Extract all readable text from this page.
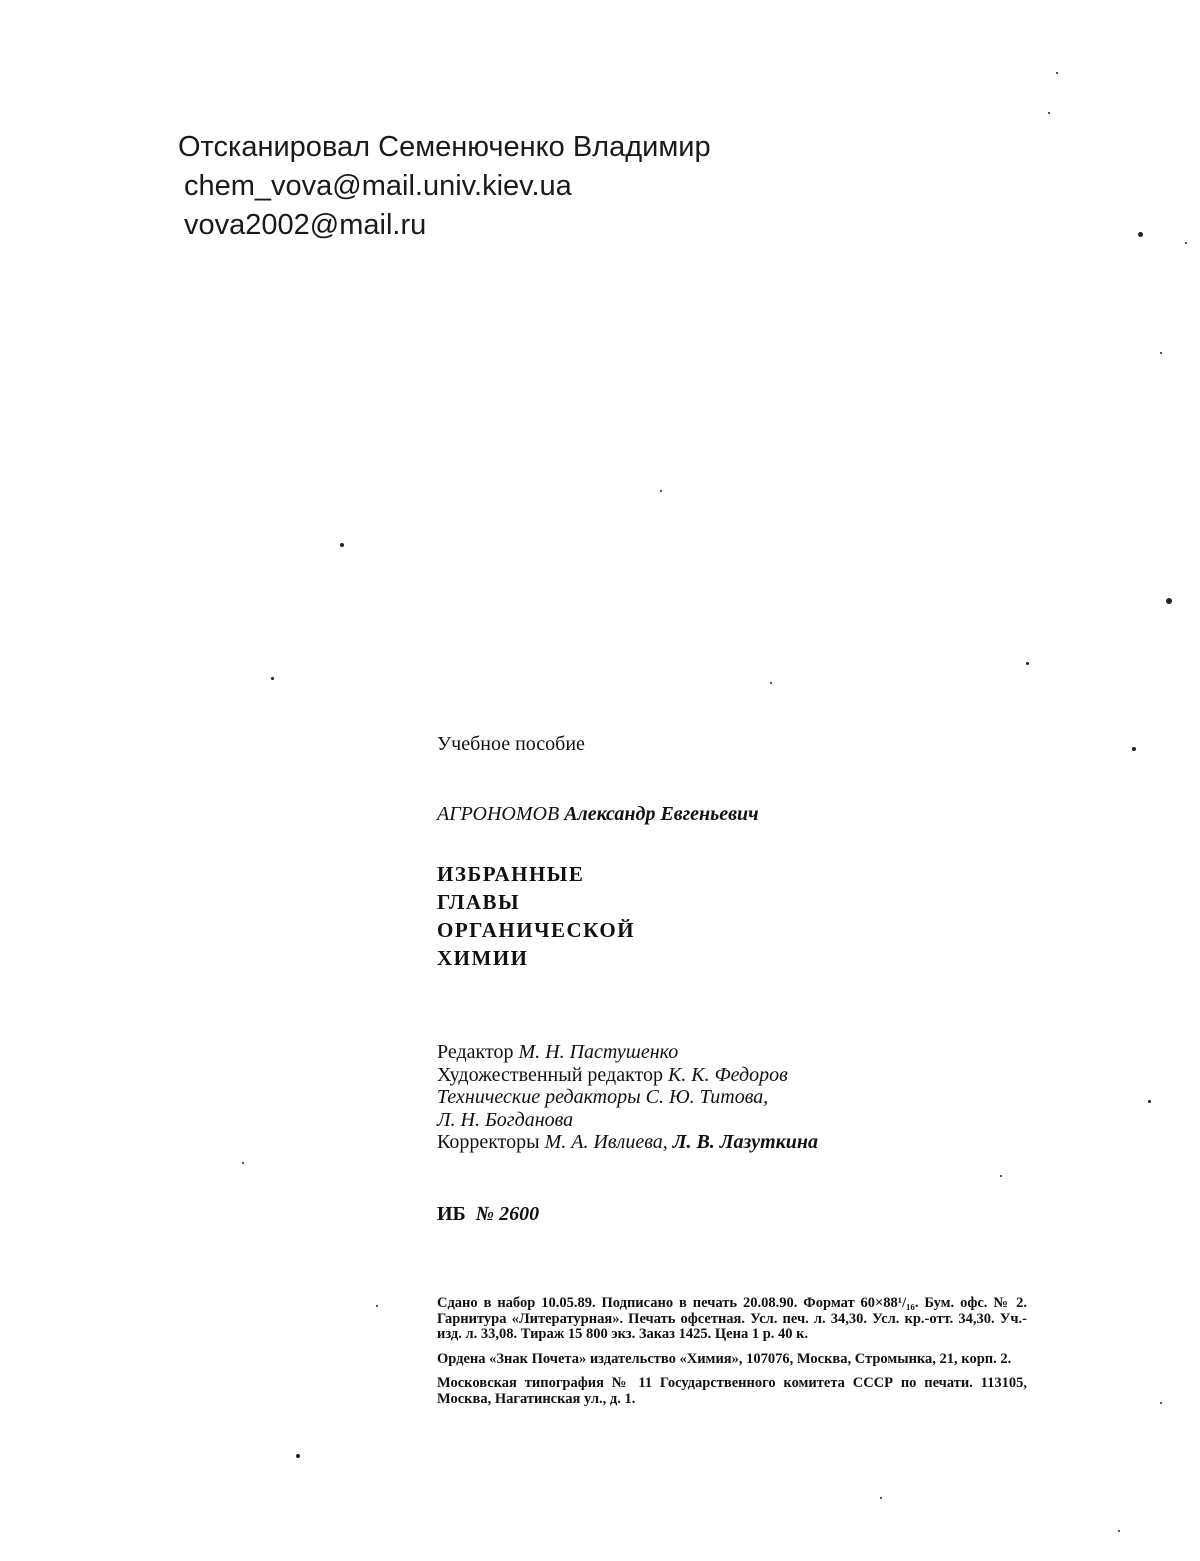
Отсканировал Семенюченко Владимир
chem_vova@mail.univ.kiev.ua
vova2002@mail.ru
Учебное пособие
АГРОНОМОВ Александр Евгеньевич
ИЗБРАННЫЕ
ГЛАВЫ
ОРГАНИЧЕСКОЙ
ХИМИИ
Редактор М. Н. Пастушенко
Художественный редактор К. К. Федоров
Технические редакторы С. Ю. Титова,
Л. Н. Богданова
Корректоры М. А. Ивлиева, Л. В. Лазуткина
ИБ № 2600

Сдано в набор 10.05.89. Подписано в печать 20.08.90. Формат 60×88¹/₁₆. Бум. офс. № 2. Гарнитура «Литературная». Печать офсетная. Усл. печ. л. 34,30. Усл. кр.-отт. 34,30. Уч.-изд. л. 33,08. Тираж 15 800 экз. Заказ 1425. Цена 1 р. 40 к.

Ордена «Знак Почета» издательство «Химия», 107076, Москва, Стромынка, 21, корп. 2.

Московская типография № 11 Государственного комитета СССР по печати. 113105, Москва, Нагатинская ул., д. 1.
